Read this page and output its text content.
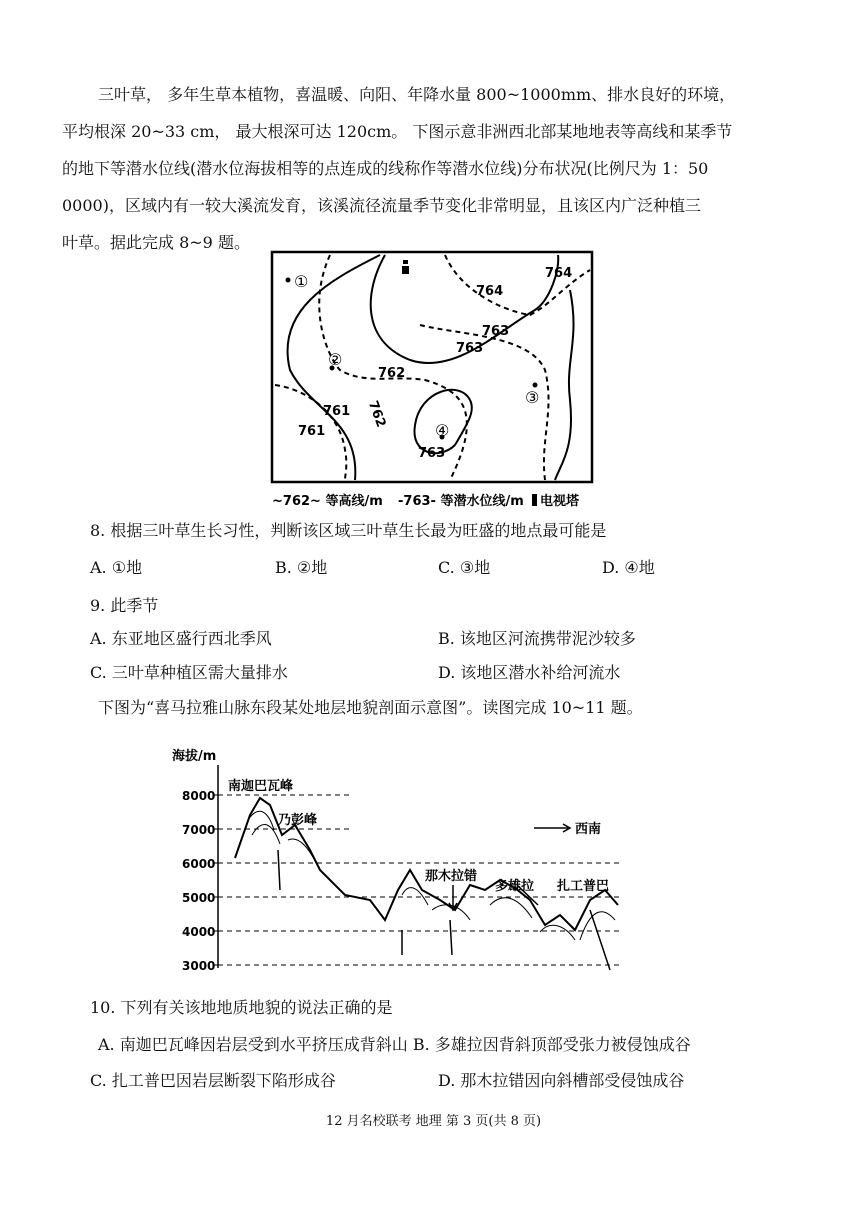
三叶草， 多年生草本植物，喜温暖、向阳、年降水量 800~1000mm、排水良好的环境，
平均根深 20~33 cm， 最大根深可达 120cm。 下图示意非洲西北部某地地表等高线和某季节
的地下等潜水位线(潜水位海拔相等的点连成的线称作等潜水位线)分布状况(比例尺为 1：50
0000)，区域内有一较大溪流发育，该溪流径流量季节变化非常明显，且该区内广泛种植三
叶草。据此完成 8~9 题。
①
②
③
④
764
764
763
763
762
761
761
762
763
~762~ 等高线/m -763- 等潜水位线/m 电视塔
8. 根据三叶草生长习性，判断该区域三叶草生长最为旺盛的地点最可能是
A. ①地	B. ②地	C. ③地	D. ④地
9. 此季节
A. 东亚地区盛行西北季风	B. 该地区河流携带泥沙较多
C. 三叶草种植区需大量排水	D. 该地区潜水补给河流水
下图为“喜马拉雅山脉东段某处地层地貌剖面示意图”。读图完成 10~11 题。
海拔/m
8000
7000
6000
5000
4000
3000
南迦巴瓦峰
乃彭峰
那木拉错
多雄拉 扎工普巴
西南
10. 下列有关该地地质地貌的说法正确的是
A. 南迦巴瓦峰因岩层受到水平挤压成背斜山 B. 多雄拉因背斜顶部受张力被侵蚀成谷
C. 扎工普巴因岩层断裂下陷形成谷	D. 那木拉错因向斜槽部受侵蚀成谷
12 月名校联考 地理 第 3 页(共 8 页)
